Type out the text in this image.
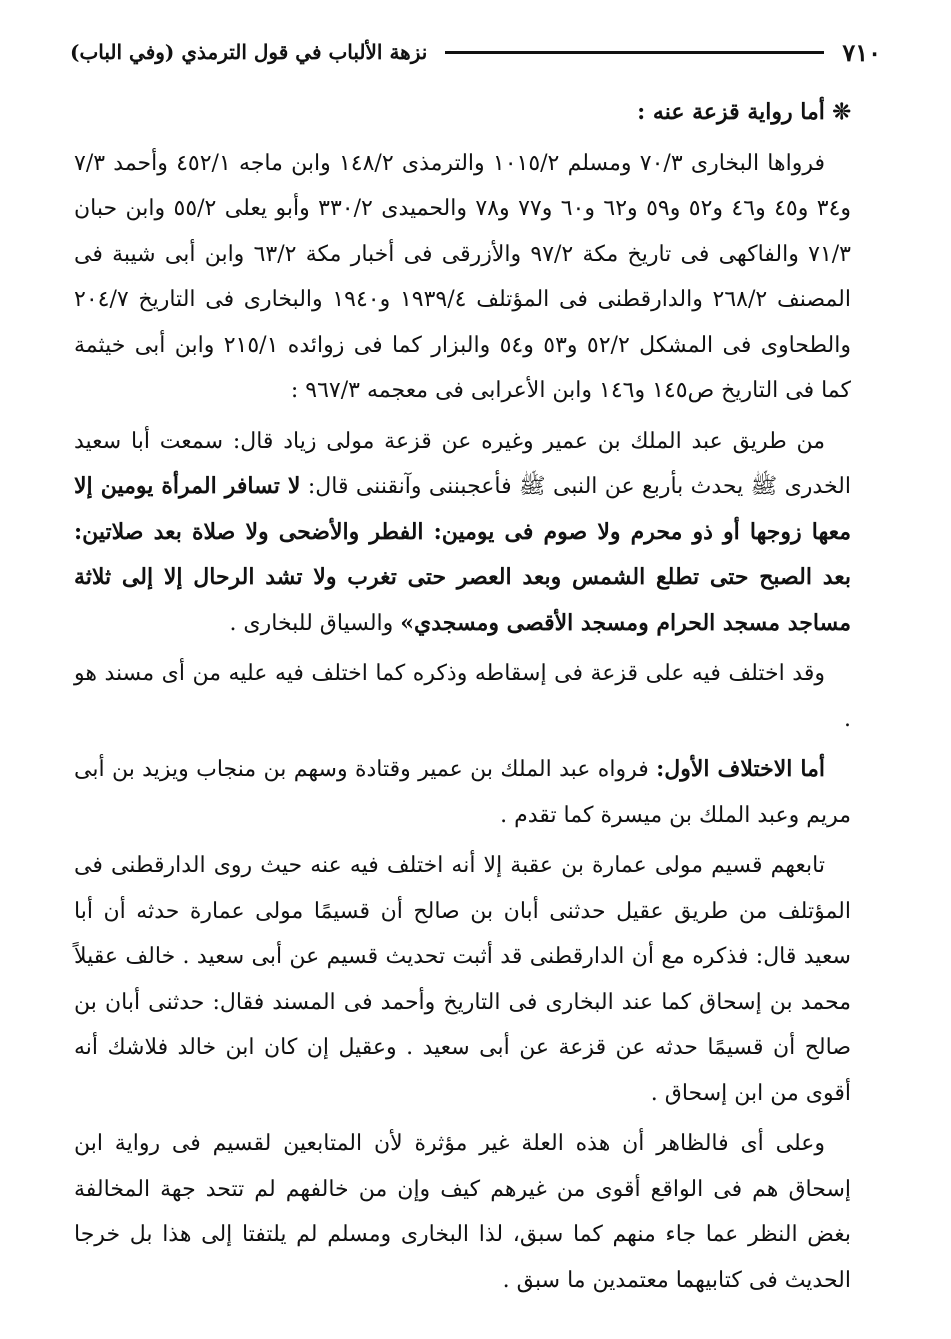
نزهة الألباب في قول الترمذي (وفي الباب)	٧١٠

❊ أما رواية قزعة عنه :

فرواها البخارى ٧٠/٣ ومسلم ١٠١٥/٢ والترمذى ١٤٨/٢ وابن ماجه ٤٥٢/١ وأحمد ٧/٣ و٣٤ و٤٥ و٤٦ و٥٢ و٥٩ و٦٢ و٦٠ و٧٧ و٧٨ والحميدى ٣٣٠/٢ وأبو يعلى ٥٥/٢ وابن حبان ٧١/٣ والفاكهى فى تاريخ مكة ٩٧/٢ والأزرقى فى أخبار مكة ٦٣/٢ وابن أبى شيبة فى المصنف ٢٦٨/٢ والدارقطنى فى المؤتلف ١٩٣٩/٤ و١٩٤٠ والبخارى فى التاريخ ٢٠٤/٧ والطحاوى فى المشكل ٥٢/٢ و٥٣ و٥٤ والبزار كما فى زوائده ٢١٥/١ وابن أبى خيثمة كما فى التاريخ ص١٤٥ و١٤٦ وابن الأعرابى فى معجمه ٩٦٧/٣ :

من طريق عبد الملك بن عمير وغيره عن قزعة مولى زياد قال: سمعت أبا سعيد الخدرى ﷺ يحدث بأربع عن النبى ﷺ فأعجبننى وآنقننى قال: لا تسافر المرأة يومين إلا معها زوجها أو ذو محرم ولا صوم فى يومين: الفطر والأضحى ولا صلاة بعد صلاتين: بعد الصبح حتى تطلع الشمس وبعد العصر حتى تغرب ولا تشد الرحال إلا إلى ثلاثة مساجد مسجد الحرام ومسجد الأقصى ومسجدي» والسياق للبخارى .

وقد اختلف فيه على قزعة فى إسقاطه وذكره كما اختلف فيه عليه من أى مسند هو .

أما الاختلاف الأول: فرواه عبد الملك بن عمير وقتادة وسهم بن منجاب ويزيد بن أبى مريم وعبد الملك بن ميسرة كما تقدم .

تابعهم قسيم مولى عمارة بن عقبة إلا أنه اختلف فيه عنه حيث روى الدارقطنى فى المؤتلف من طريق عقيل حدثنى أبان بن صالح أن قسيمًا مولى عمارة حدثه أن أبا سعيد قال: فذكره مع أن الدارقطنى قد أثبت تحديث قسيم عن أبى سعيد . خالف عقيلاً محمد بن إسحاق كما عند البخارى فى التاريخ وأحمد فى المسند فقال: حدثنى أبان بن صالح أن قسيمًا حدثه عن قزعة عن أبى سعيد . وعقيل إن كان ابن خالد فلاشك أنه أقوى من ابن إسحاق .

وعلى أى فالظاهر أن هذه العلة غير مؤثرة لأن المتابعين لقسيم فى رواية ابن إسحاق هم فى الواقع أقوى من غيرهم كيف وإن من خالفهم لم تتحد جهة المخالفة بغض النظر عما جاء منهم كما سبق، لذا البخارى ومسلم لم يلتفتا إلى هذا بل خرجا الحديث فى كتابيهما معتمدين ما سبق .
